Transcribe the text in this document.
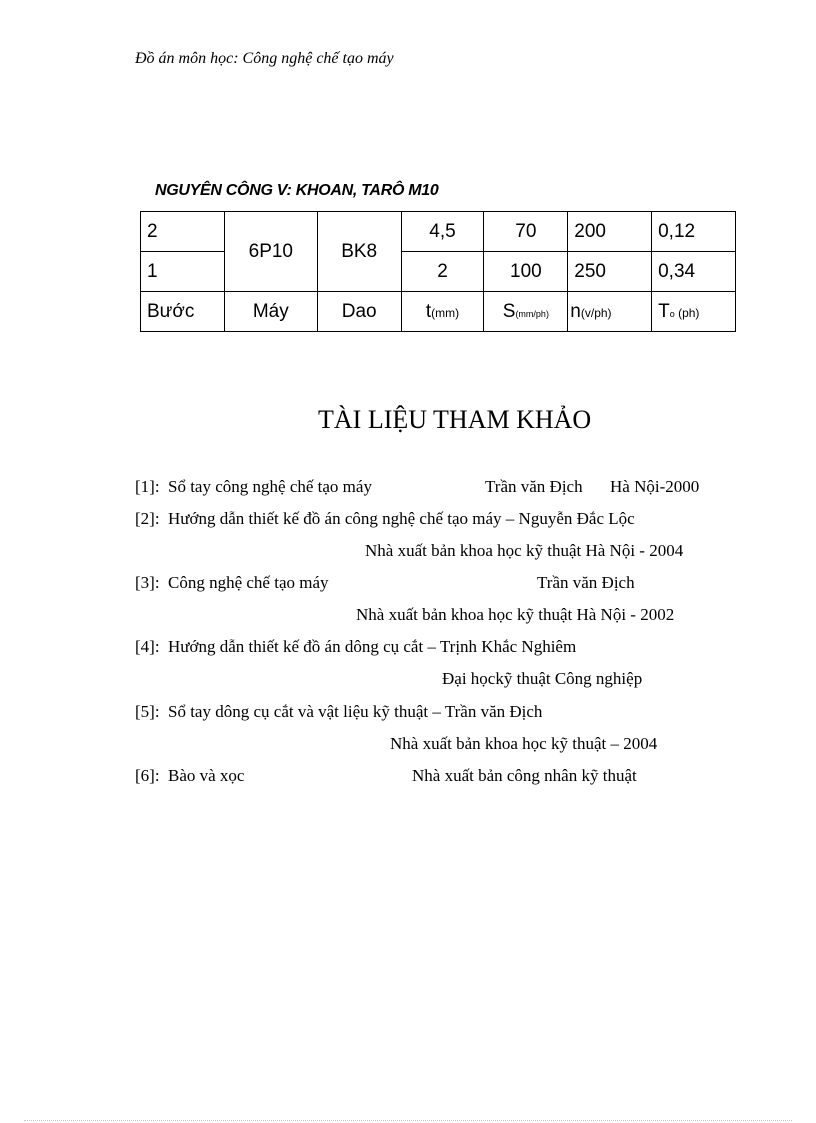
Đồ án môn học: Công nghệ chế tạo máy
NGUYÊN CÔNG V: KHOAN, TARÔ M10
2	6P10	BK8	4,5	70	200	0,12
1			2	100	250	0,34
Bước	Máy	Dao	t(mm)	S(mm/ph)	n(v/ph)	To (ph)
TÀI LIỆU THAM KHẢO
[1]: Sổ tay công nghệ chế tạo máy	Trần văn Địch Hà Nội-2000
[2]: Hướng dẫn thiết kế đồ án công nghệ chế tạo máy – Nguyễn Đắc Lộc
Nhà xuất bản khoa học kỹ thuật Hà Nội - 2004
[3]: Công nghệ chế tạo máy	Trần văn Địch
Nhà xuất bản khoa học kỹ thuật Hà Nội - 2002
[4]: Hướng dẫn thiết kế đồ án dông cụ cắt – Trịnh Khắc Nghiêm
Đại họckỹ thuật Công nghiệp
[5]: Sổ tay dông cụ cắt và vật liệu kỹ thuật – Trần văn Địch
Nhà xuất bản khoa học kỹ thuật – 2004
[6]: Bào và xọc	Nhà xuất bản công nhân kỹ thuật
